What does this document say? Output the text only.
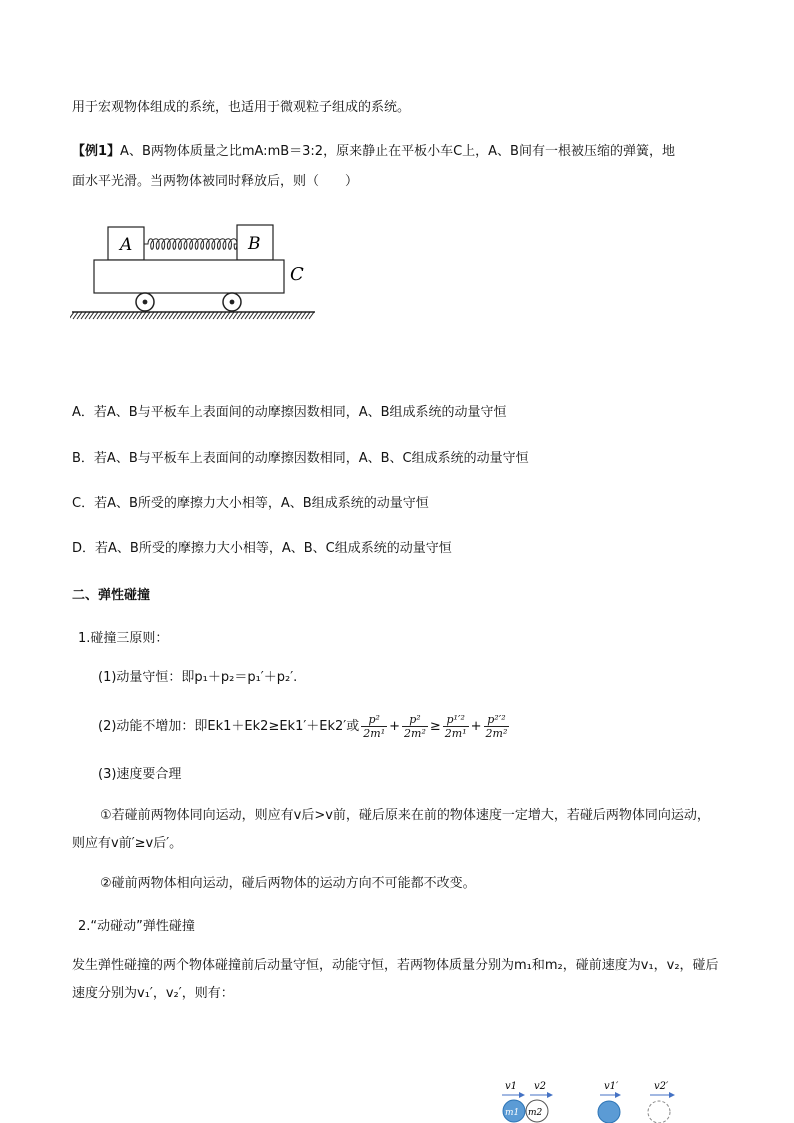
用于宏观物体组成的系统，也适用于微观粒子组成的系统。
【例1】A、B两物体质量之比mA:mB＝3:2，原来静止在平板小车C上，A、B间有一根被压缩的弹簧，地
面水平光滑。当两物体被同时释放后，则（　　）
A	B
C
A．若A、B与平板车上表面间的动摩擦因数相同，A、B组成系统的动量守恒
B．若A、B与平板车上表面间的动摩擦因数相同，A、B、C组成系统的动量守恒
C．若A、B所受的摩擦力大小相等，A、B组成系统的动量守恒
D．若A、B所受的摩擦力大小相等，A、B、C组成系统的动量守恒
二、弹性碰撞
1.碰撞三原则：
(1)动量守恒：即p₁＋p₂＝p₁′＋p₂′.
(2)动能不增加：即Ek1＋Ek2≥Ek1′＋Ek2′或 $\frac{\text{p²}}{\text{2m¹}} + \frac{\text{p²}}{\text{2m²}} \ge \frac{\text{p¹′²}}{\text{2m¹}} + \frac{\text{p²′²}}{\text{2m²}}$
(3)速度要合理
①若碰前两物体同向运动，则应有v后>v前，碰后原来在前的物体速度一定增大，若碰后两物体同向运动，则应有v前′≥v后′。
②碰前两物体相向运动，碰后两物体的运动方向不可能都不改变。
2.“动碰动”弹性碰撞
发生弹性碰撞的两个物体碰撞前后动量守恒，动能守恒，若两物体质量分别为m₁和m₂，碰前速度为v₁，v₂，碰后速度分别为v₁′，v₂′，则有：
v1 v2
m1 m2
v1′	v2′
